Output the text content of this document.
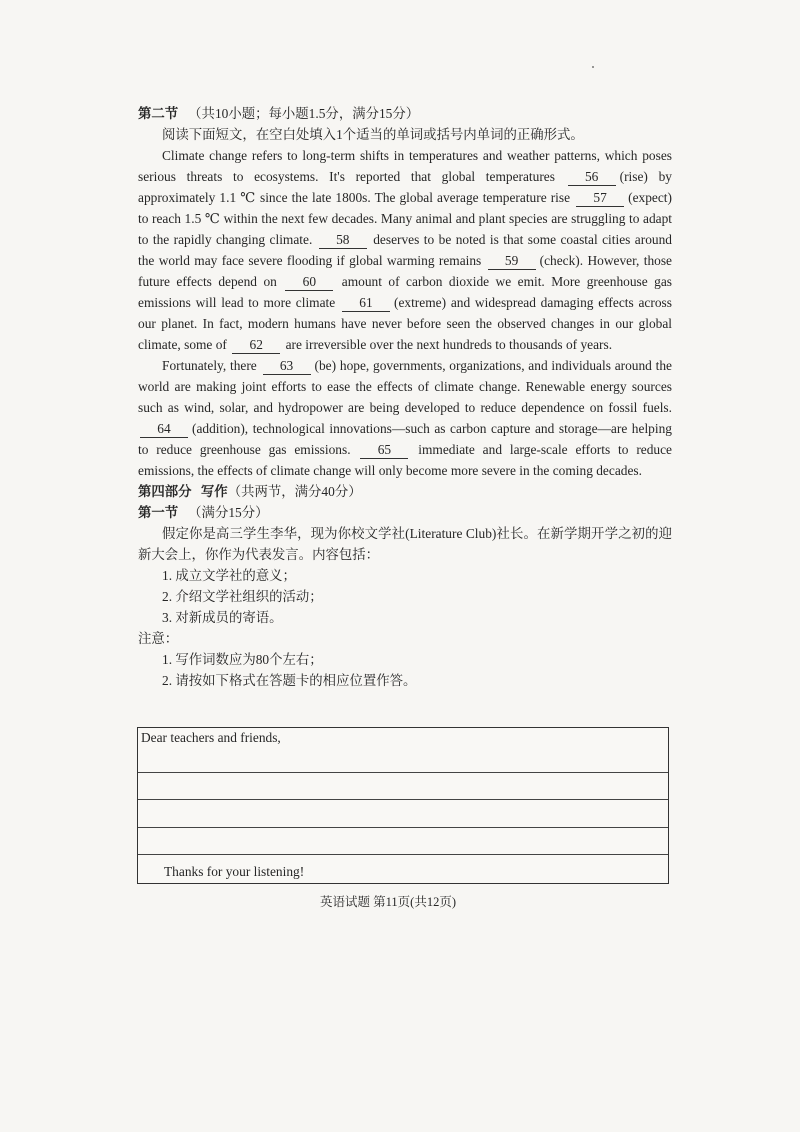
第二节 （共10小题；每小题1.5分，满分15分）
阅读下面短文，在空白处填入1个适当的单词或括号内单词的正确形式。
Climate change refers to long-term shifts in temperatures and weather patterns, which poses serious threats to ecosystems. It's reported that global temperatures 56 (rise) by approximately 1.1 ℃ since the late 1800s. The global average temperature rise 57 (expect) to reach 1.5 ℃ within the next few decades. Many animal and plant species are struggling to adapt to the rapidly changing climate. 58 deserves to be noted is that some coastal cities around the world may face severe flooding if global warming remains 59 (check). However, those future effects depend on 60 amount of carbon dioxide we emit. More greenhouse gas emissions will lead to more climate 61 (extreme) and widespread damaging effects across our planet. In fact, modern humans have never before seen the observed changes in our global climate, some of 62 are irreversible over the next hundreds to thousands of years.
Fortunately, there 63 (be) hope, governments, organizations, and individuals around the world are making joint efforts to ease the effects of climate change. Renewable energy sources such as wind, solar, and hydropower are being developed to reduce dependence on fossil fuels. 64 (addition), technological innovations—such as carbon capture and storage—are helping to reduce greenhouse gas emissions. 65 immediate and large-scale efforts to reduce emissions, the effects of climate change will only become more severe in the coming decades.
第四部分 写作（共两节，满分40分）
第一节 （满分15分）
假定你是高三学生李华，现为你校文学社(Literature Club)社长。在新学期开学之初的迎新大会上，你作为代表发言。内容包括：
1. 成立文学社的意义；
2. 介绍文学社组织的活动；
3. 对新成员的寄语。
注意：
1. 写作词数应为80个左右；
2. 请按如下格式在答题卡的相应位置作答。
Dear teachers and friends,
Thanks for your listening!
英语试题 第11页(共12页)
